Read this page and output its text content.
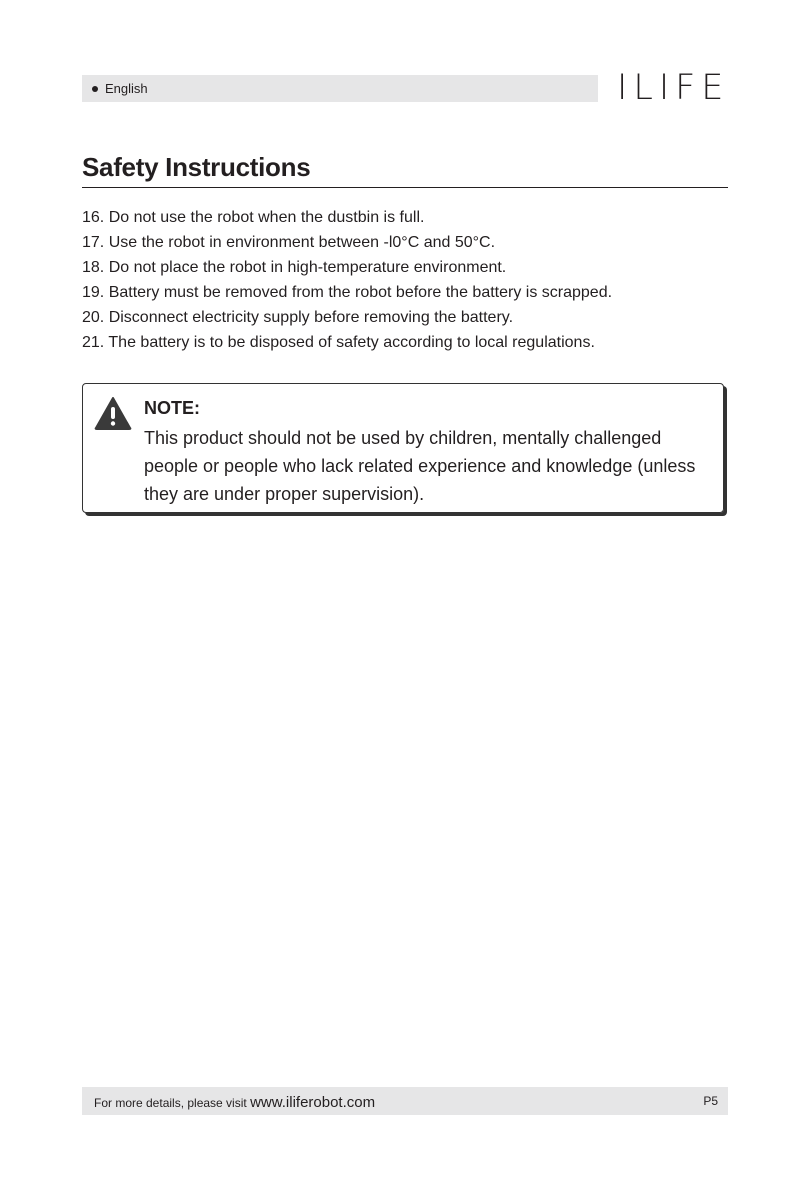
English	ILIFE
Safety Instructions
16. Do not use the robot when the dustbin is full.
17. Use the robot in environment between -l0°C and 50°C.
18. Do not place the robot in high-temperature environment.
19. Battery must be removed from the robot before the battery is scrapped.
20. Disconnect electricity supply before removing the battery.
21. The battery is to be disposed of safety according to local regulations.
NOTE:
This product should not be used by children, mentally challenged people or people who lack related experience and knowledge (unless they are under proper supervision).
For more details, please visit www.iliferobot.com	P5
